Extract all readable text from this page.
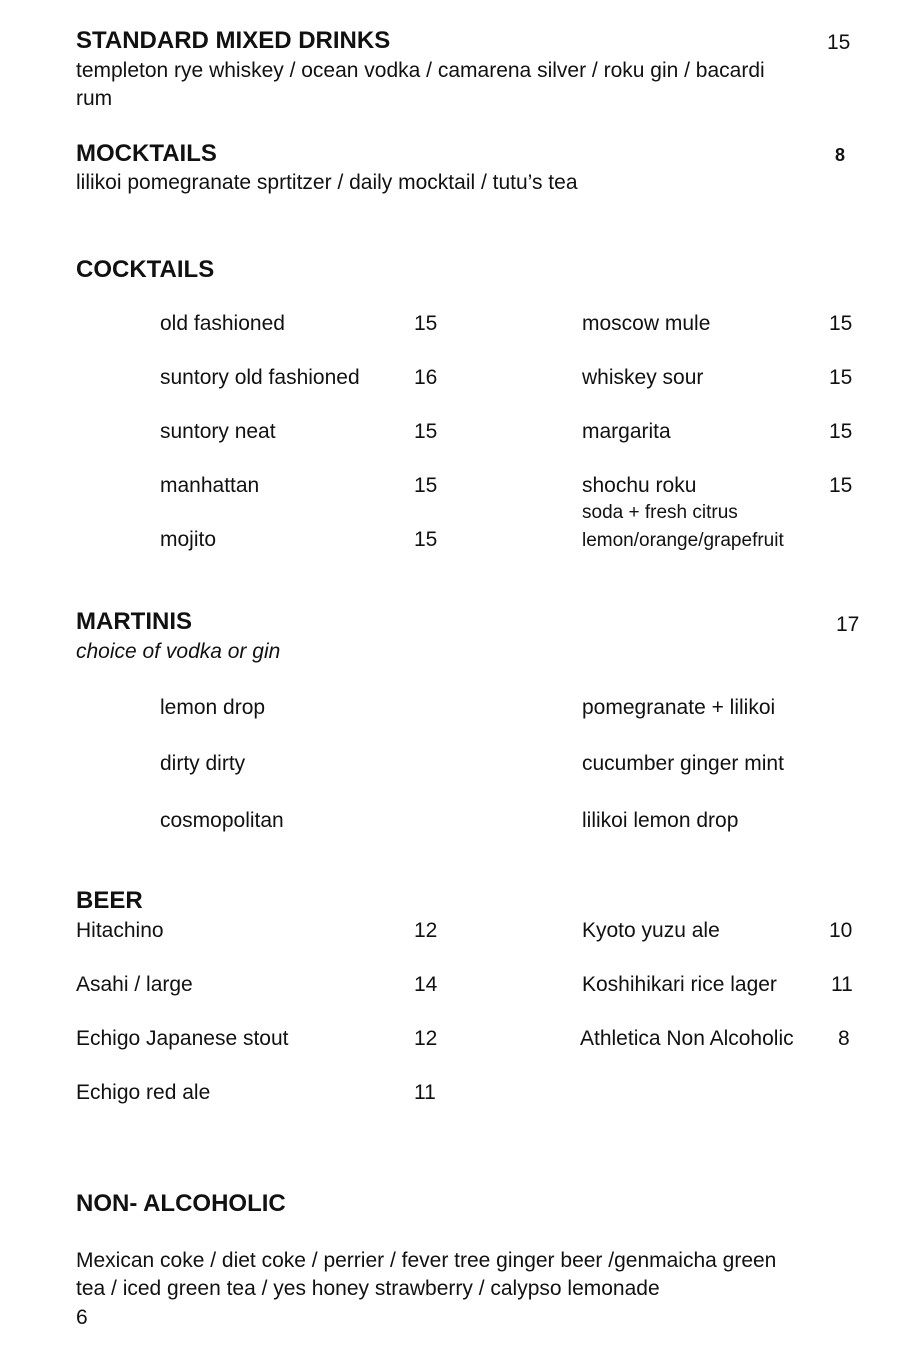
STANDARD MIXED DRINKS	15
templeton rye whiskey / ocean vodka / camarena silver / roku gin / bacardi
rum
MOCKTAILS	8
lilikoi pomegranate sprtitzer / daily mocktail / tutu’s tea
COCKTAILS
old fashioned	15
suntory old fashioned	16
suntory neat	15
manhattan	15
mojito	15
moscow mule	15
whiskey sour	15
margarita	15
shochu roku	15
soda + fresh citrus
lemon/orange/grapefruit
MARTINIS	17
choice of vodka or gin
lemon drop
dirty dirty
cosmopolitan
pomegranate + lilikoi
cucumber ginger mint
lilikoi lemon drop
BEER
Hitachino	12
Asahi / large	14
Echigo Japanese stout	12
Echigo red ale	11
Kyoto yuzu ale	10
Koshihikari rice lager	11
Athletica Non Alcoholic 8
NON- ALCOHOLIC
Mexican coke / diet coke / perrier / fever tree ginger beer /genmaicha green
tea / iced green tea / yes honey strawberry / calypso lemonade
6
